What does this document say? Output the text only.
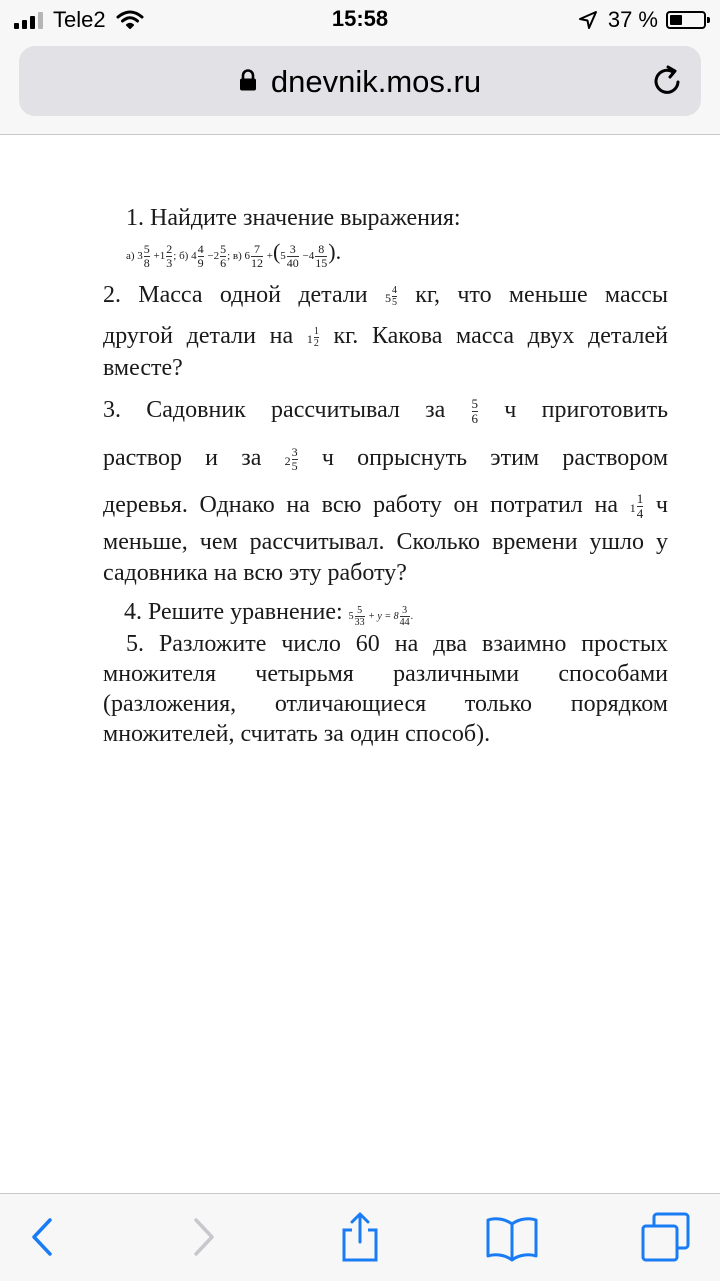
Tele2	15:58	37 %
dnevnik.mos.ru
1. Найдите значение выражения:
а) $3 \frac{5}{8} +1 \frac{2}{3}$ ; б) $4 \frac{4}{9} -2 \frac{5}{6}$ ; в) $6 \frac{7}{12} +(5 \frac{3}{40} -4 \frac{8}{15}$ ).
2. Масса одной детали $5 \frac{4}{5}$ кг, что меньше массы
другой детали на $1 \frac{1}{2}$ кг. Какова масса двух деталей
вместе?
3. Садовник рассчитывал за $\frac{5}{6}$ ч приготовить
раствор и за $2 \frac{3}{5}$ ч опрыснуть этим раствором
деревья. Однако на всю работу он потратил на $1 \frac{1}{4}$ ч
меньше, чем рассчитывал. Сколько времени ушло у
садовника на всю эту работу?
4. Решите уравнение: $5 \frac{5}{33} + y = 8 \frac{3}{44}$ .
5. Разложите число 60 на два взаимно простых
множителя четырьмя различными способами
(разложения, отличающиеся только порядком
множителей, считать за один способ).
